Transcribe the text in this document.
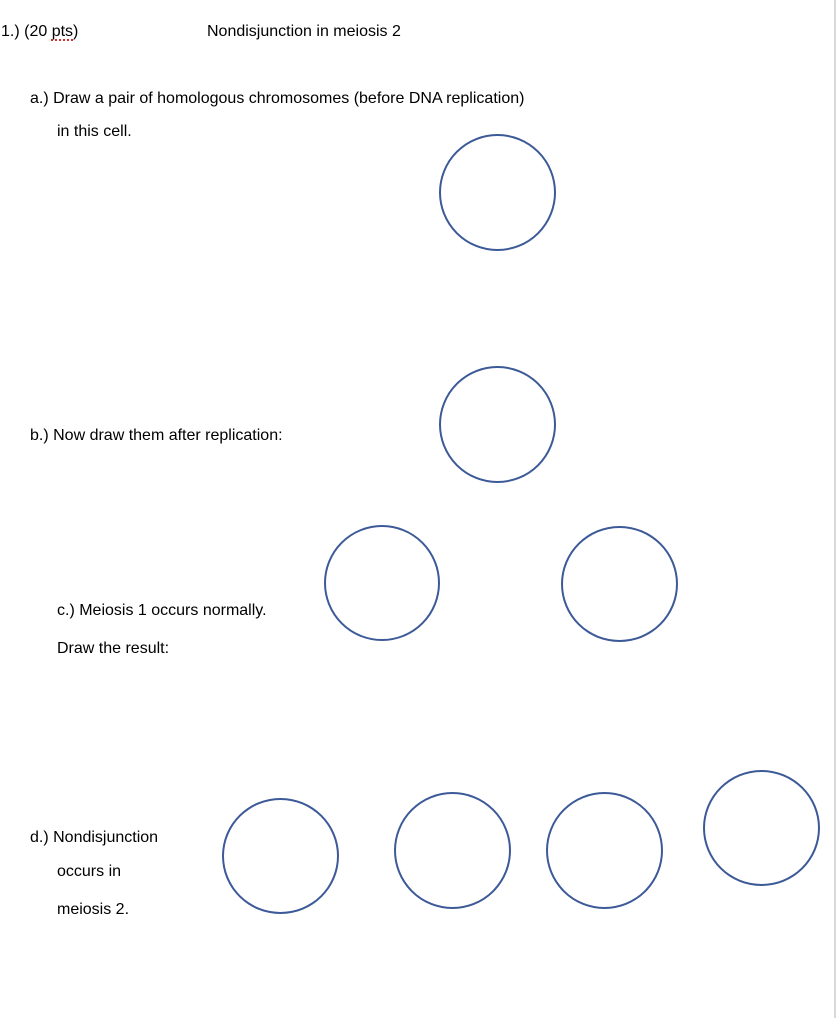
1.) (20 pts)	Nondisjunction in meiosis 2
a.) Draw a pair of homologous chromosomes (before DNA replication)
in this cell.
b.) Now draw them after replication:
c.) Meiosis 1 occurs normally.
Draw the result:
d.) Nondisjunction
occurs in
meiosis 2.
